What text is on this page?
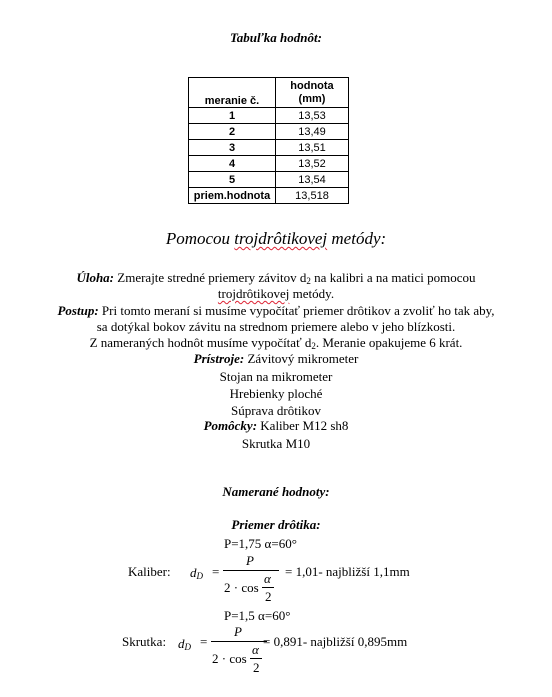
Tabuľka hodnôt:
meranie č.	hodnota
(mm)
1	13,53
2	13,49
3	13,51
4	13,52
5	13,54
priem.hodnota	13,518
Pomocou trojdrôtikovej metódy:
Úloha: Zmerajte stredné priemery závitov $d_2$ na kalibri a na matici pomocou
trojdrôtikovej metódy.
Postup: Pri tomto meraní si musíme vypočítať priemer drôtikov a zvoliť ho tak aby,
sa dotýkal bokov závitu na strednom priemere alebo v jeho blízkosti.
Z nameraných hodnôt musíme vypočítať $d_2$. Meranie opakujeme 6 krát.
Prístroje: Závitový mikrometer
Stojan na mikrometer
Hrebienky ploché
Súprava drôtikov
Pomôcky: Kaliber M12 sh8
Skrutka M10
Namerané hodnoty:
Priemer drôtika:
P=1,75 α=60°
Kaliber: $d_D$ =
P
2 · cos
α
2
= 1,01- najbližší 1,1mm
P=1,5 α=60°
Skrutka: $d_D$ =
P
2 · cos
α
2
= 0,891- najbližší 0,895mm
